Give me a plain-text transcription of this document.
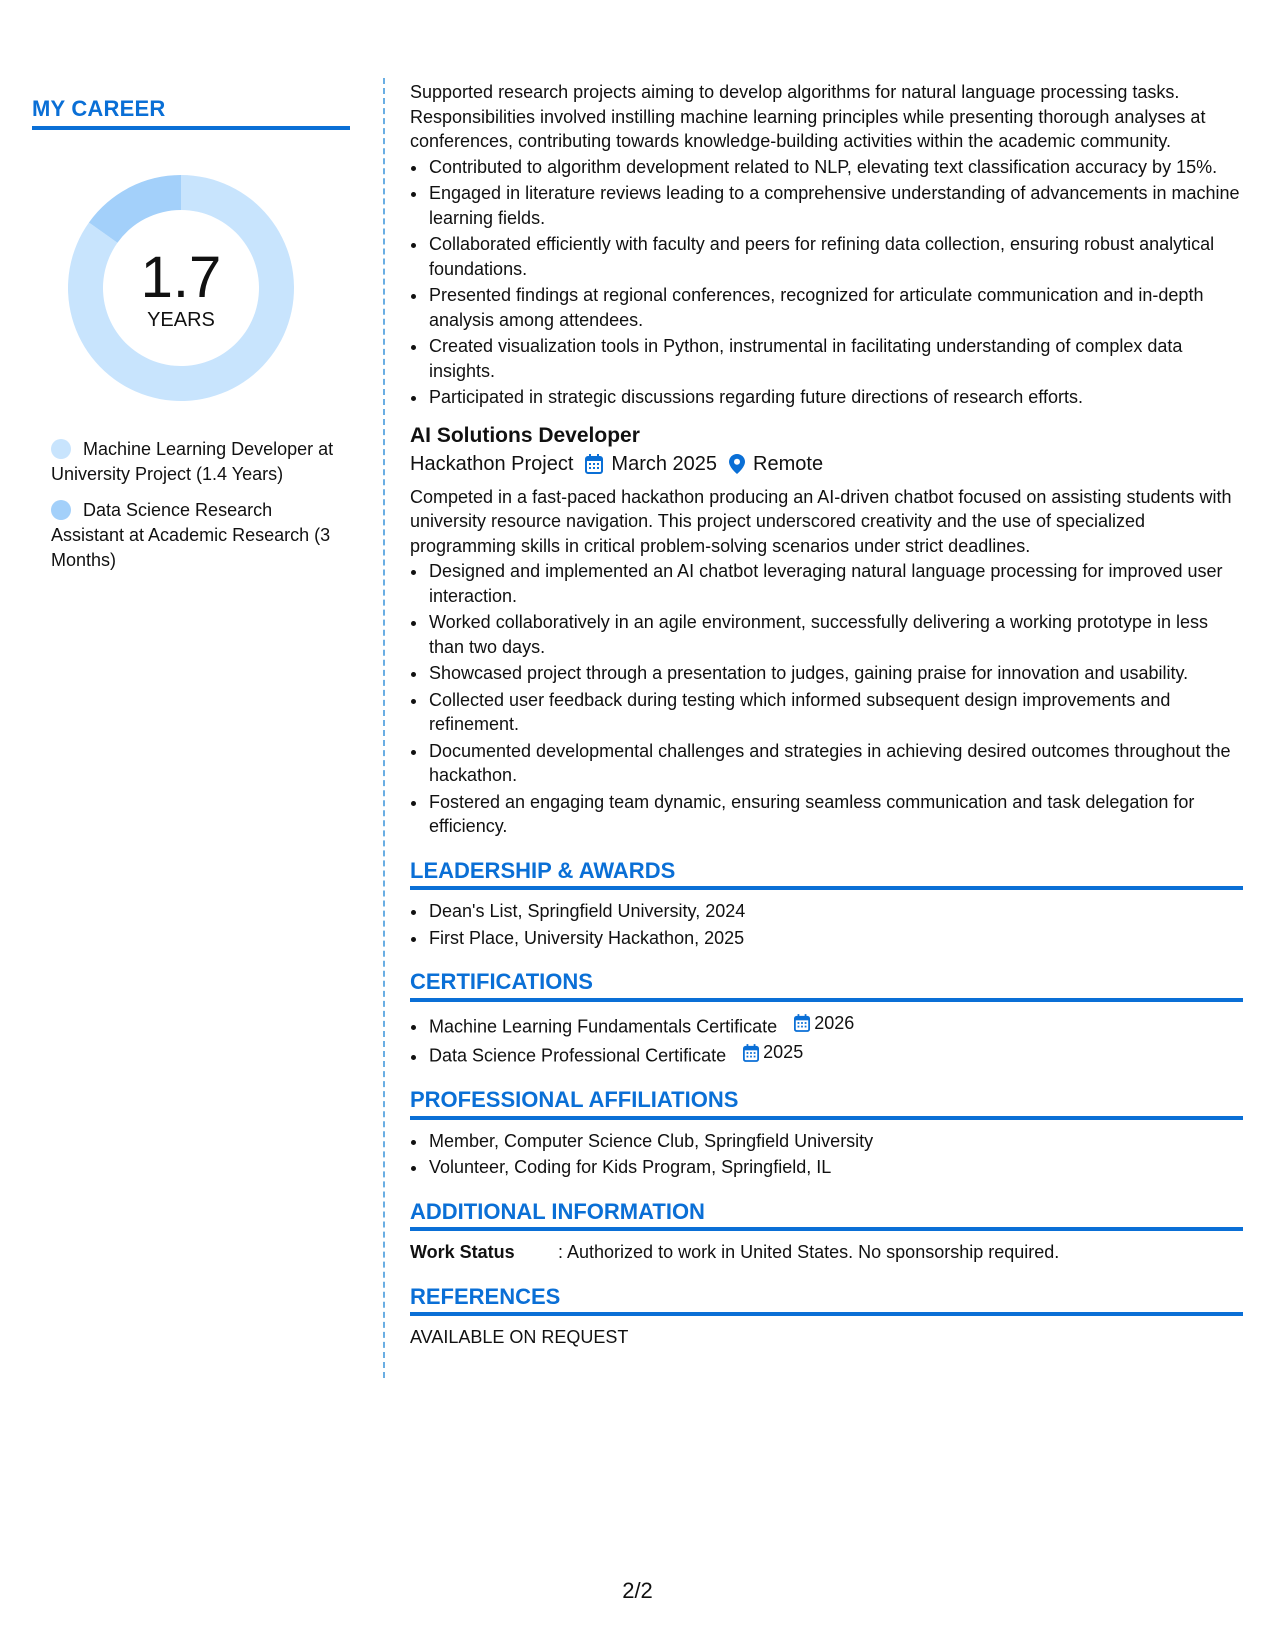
MY CAREER
1.7
YEARS
Machine Learning Developer at University Project (1.4 Years)
Data Science Research Assistant at Academic Research (3 Months)

Supported research projects aiming to develop algorithms for natural language processing tasks. Responsibilities involved instilling machine learning principles while presenting thorough analyses at conferences, contributing towards knowledge-building activities within the academic community.

• Contributed to algorithm development related to NLP, elevating text classification accuracy by 15%.
• Engaged in literature reviews leading to a comprehensive understanding of advancements in machine learning fields.
• Collaborated efficiently with faculty and peers for refining data collection, ensuring robust analytical foundations.
• Presented findings at regional conferences, recognized for articulate communication and in-depth analysis among attendees.
• Created visualization tools in Python, instrumental in facilitating understanding of complex data insights.
• Participated in strategic discussions regarding future directions of research efforts.
AI Solutions Developer
Hackathon Project March 2025 Remote

Competed in a fast-paced hackathon producing an AI-driven chatbot focused on assisting students with university resource navigation. This project underscored creativity and the use of specialized programming skills in critical problem-solving scenarios under strict deadlines.

• Designed and implemented an AI chatbot leveraging natural language processing for improved user interaction.
• Worked collaboratively in an agile environment, successfully delivering a working prototype in less than two days.
• Showcased project through a presentation to judges, gaining praise for innovation and usability.
• Collected user feedback during testing which informed subsequent design improvements and refinement.
• Documented developmental challenges and strategies in achieving desired outcomes throughout the hackathon.
• Fostered an engaging team dynamic, ensuring seamless communication and task delegation for efficiency.
LEADERSHIP & AWARDS
• Dean's List, Springfield University, 2024
• First Place, University Hackathon, 2025
CERTIFICATIONS
• Machine Learning Fundamentals Certificate 2026
• Data Science Professional Certificate 2025
PROFESSIONAL AFFILIATIONS
• Member, Computer Science Club, Springfield University
• Volunteer, Coding for Kids Program, Springfield, IL
ADDITIONAL INFORMATION
Work Status	: Authorized to work in United States. No sponsorship required.
REFERENCES
AVAILABLE ON REQUEST
2/2
